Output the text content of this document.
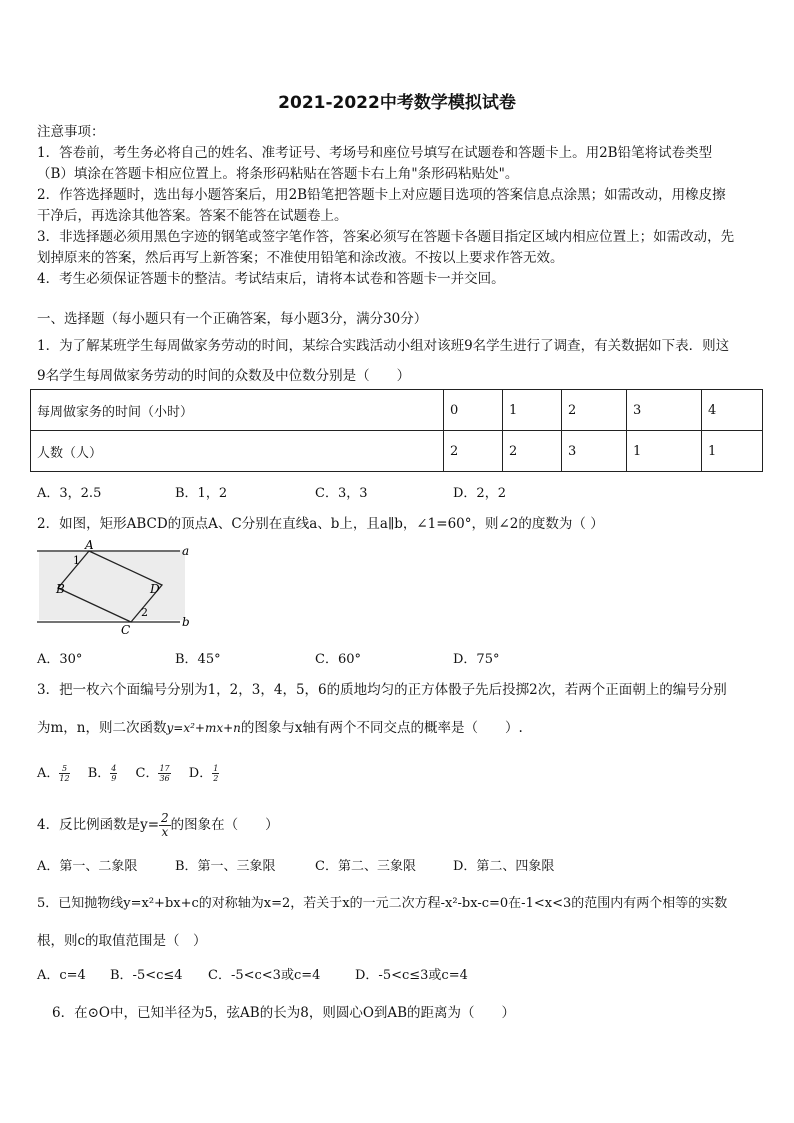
2021-2022中考数学模拟试卷
注意事项：
1．答卷前，考生务必将自己的姓名、准考证号、考场号和座位号填写在试题卷和答题卡上。用2B铅笔将试卷类型
（B）填涂在答题卡相应位置上。将条形码粘贴在答题卡右上角"条形码粘贴处"。
2．作答选择题时，选出每小题答案后，用2B铅笔把答题卡上对应题目选项的答案信息点涂黑；如需改动，用橡皮擦
干净后，再选涂其他答案。答案不能答在试题卷上。
3．非选择题必须用黑色字迹的钢笔或签字笔作答，答案必须写在答题卡各题目指定区域内相应位置上；如需改动，先
划掉原来的答案，然后再写上新答案；不准使用铅笔和涂改液。不按以上要求作答无效。
4．考生必须保证答题卡的整洁。考试结束后，请将本试卷和答题卡一并交回。
一、选择题（每小题只有一个正确答案，每小题3分，满分30分）
1．为了解某班学生每周做家务劳动的时间，某综合实践活动小组对该班9名学生进行了调查，有关数据如下表．则这
9名学生每周做家务劳动的时间的众数及中位数分别是（　　）
每周做家务的时间（小时）	0	1	2	3	4
人数（人）	2	2	3	1	1
A．3，2.5	B．1，2	C．3，3	D．2，2
2．如图，矩形ABCD的顶点A、C分别在直线a、b上，且a∥b，∠1=60°，则∠2的度数为（ ）
A
B	D
C
a
b
1
2
A．30°	B．45°	C．60°	D．75°
3．把一枚六个面编号分别为1，2，3，4，5，6的质地均匀的正方体骰子先后投掷2次，若两个正面朝上的编号分别
为m，n，则二次函数y=x²+mx+n的图象与x轴有两个不同交点的概率是（　　）.
A． $\frac{5}{12}$ B． $\frac{4}{9}$ C． $\frac{17}{36}$ D． $\frac{1}{2}$
4．反比例函数是$y= \frac{2}{x}$ 的图象在（　　）
A．第一、二象限	B．第一、三象限	C．第二、三象限	D．第二、四象限
5．已知抛物线y=x²+bx+c的对称轴为x=2，若关于x的一元二次方程-x²-bx-c=0在-1<x<3的范围内有两个相等的实数
根，则c的取值范围是（　）
A．c=4 B．-5<c≤4 C．-5<c<3或c=4	D．-5<c≤3或c=4
6．在⊙O中，已知半径为5，弦AB的长为8，则圆心O到AB的距离为（　　）
